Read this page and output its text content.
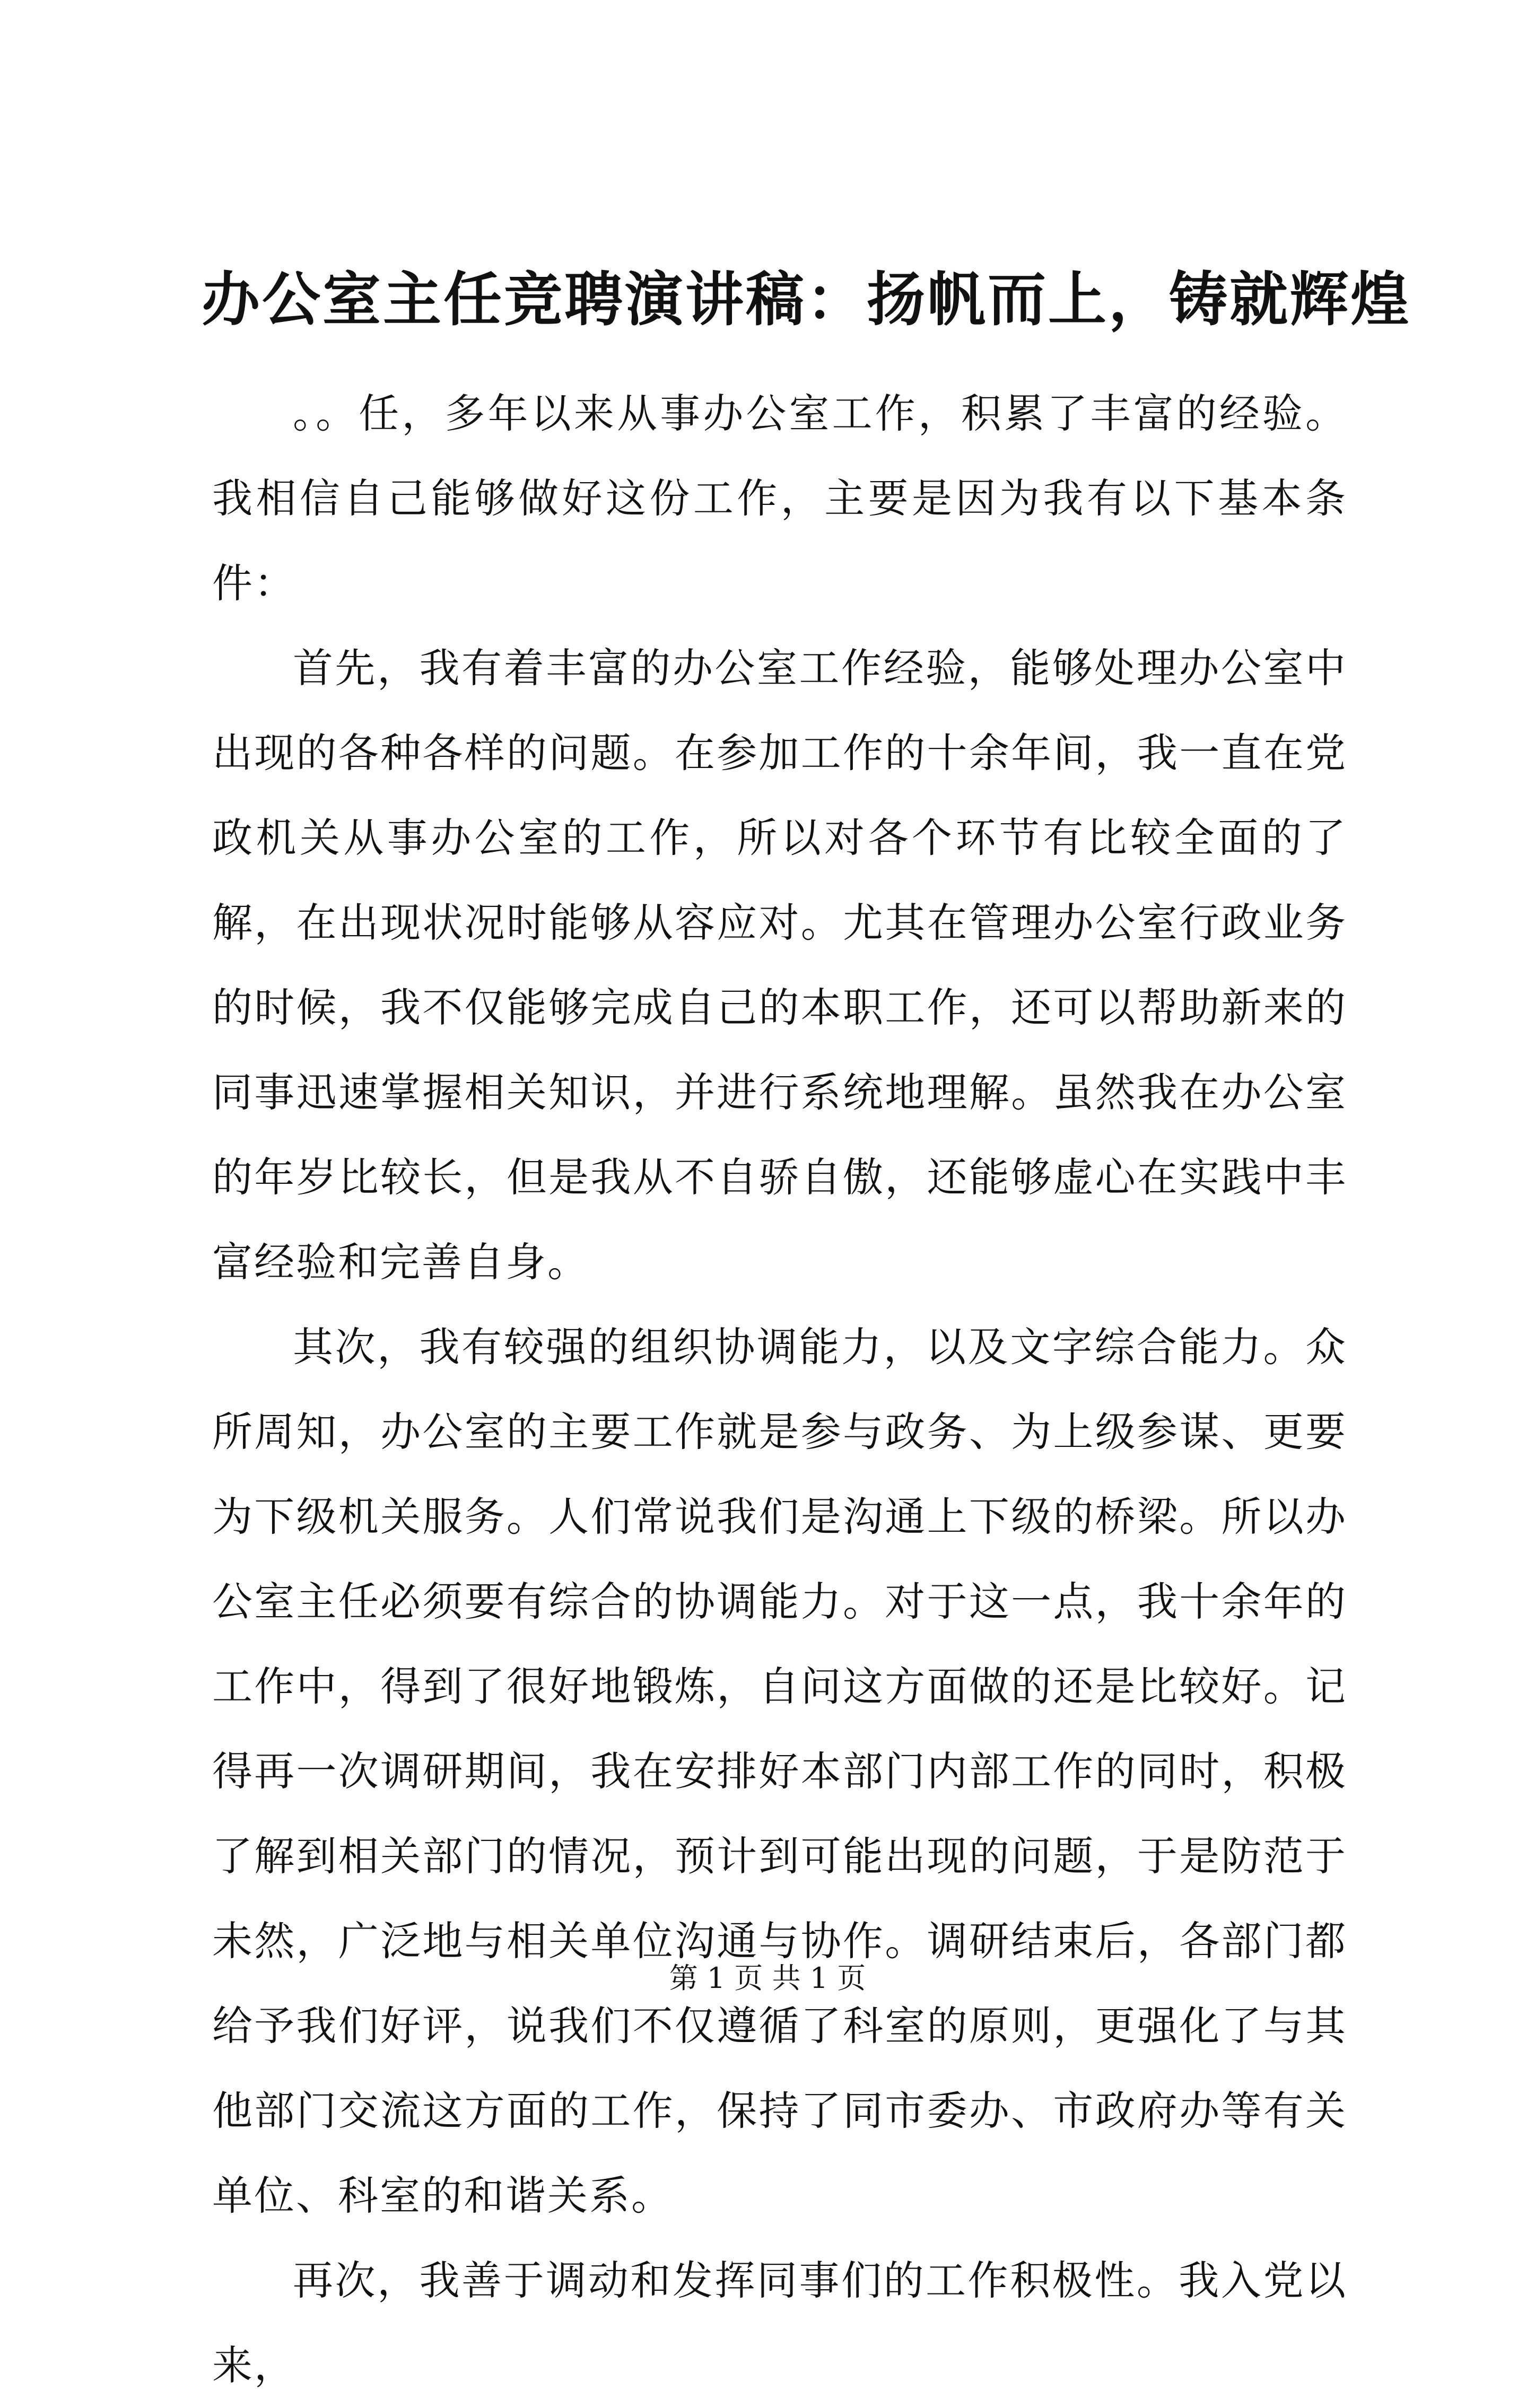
办公室主任竞聘演讲稿：扬帆而上，铸就辉煌

。。任，多年以来从事办公室工作，积累了丰富的经验。我相信自己能够做好这份工作，主要是因为我有以下基本条件：

首先，我有着丰富的办公室工作经验，能够处理办公室中出现的各种各样的问题。在参加工作的十余年间，我一直在党政机关从事办公室的工作，所以对各个环节有比较全面的了解，在出现状况时能够从容应对。尤其在管理办公室行政业务的时候，我不仅能够完成自己的本职工作，还可以帮助新来的同事迅速掌握相关知识，并进行系统地理解。虽然我在办公室的年岁比较长，但是我从不自骄自傲，还能够虚心在实践中丰富经验和完善自身。

其次，我有较强的组织协调能力，以及文字综合能力。众所周知，办公室的主要工作就是参与政务、为上级参谋、更要为下级机关服务。人们常说我们是沟通上下级的桥梁。所以办公室主任必须要有综合的协调能力。对于这一点，我十余年的工作中，得到了很好地锻炼，自问这方面做的还是比较好。记得再一次调研期间，我在安排好本部门内部工作的同时，积极了解到相关部门的情况，预计到可能出现的问题，于是防范于未然，广泛地与相关单位沟通与协作。调研结束后，各部门都给予我们好评，说我们不仅遵循了科室的原则，更强化了与其他部门交流这方面的工作，保持了同市委办、市政府办等有关单位、科室的和谐关系。

再次，我善于调动和发挥同事们的工作积极性。我入党以来，

第 1 页 共 1 页
